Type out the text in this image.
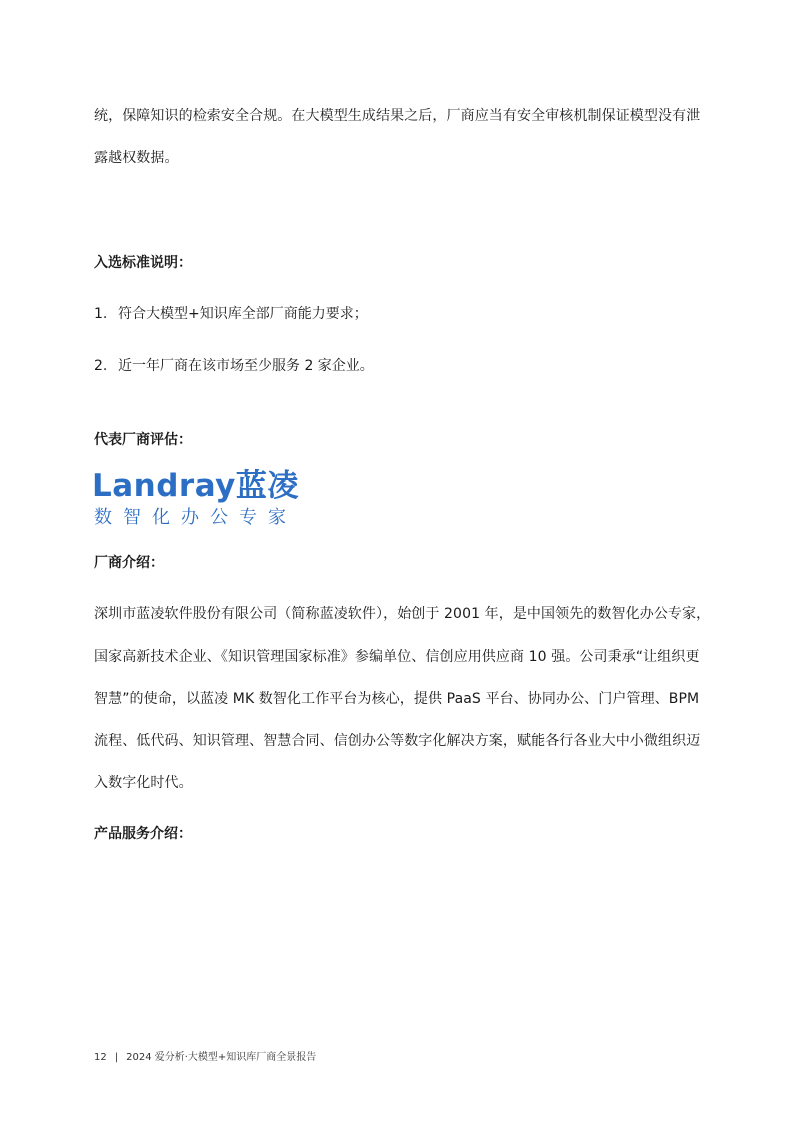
统，保障知识的检索安全合规。在大模型生成结果之后，厂商应当有安全审核机制保证模型没有泄
露越权数据。
入选标准说明：
1. 符合大模型+知识库全部厂商能力要求；
2. 近一年厂商在该市场至少服务 2 家企业。
代表厂商评估：
Landray蓝凌
数智化办公专家
厂商介绍：
深圳市蓝凌软件股份有限公司（简称蓝凌软件），始创于 2001 年，是中国领先的数智化办公专家，
国家高新技术企业、《知识管理国家标准》参编单位、信创应用供应商 10 强。公司秉承“让组织更
智慧”的使命，以蓝凌 MK 数智化工作平台为核心，提供 PaaS 平台、协同办公、门户管理、BPM
流程、低代码、知识管理、智慧合同、信创办公等数字化解决方案，赋能各行各业大中小微组织迈
入数字化时代。
产品服务介绍：
12 | 2024 爱分析·大模型+知识库厂商全景报告
